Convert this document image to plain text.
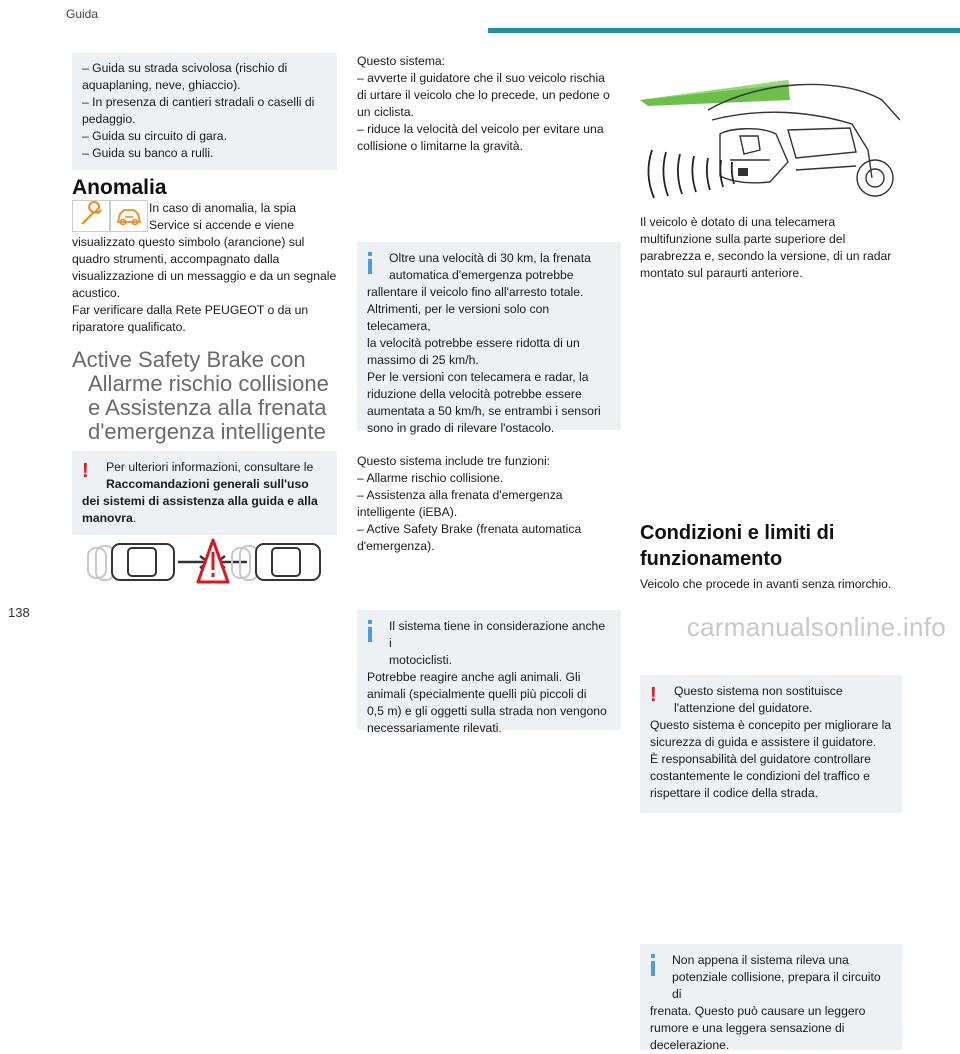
Guida
– Guida su strada scivolosa (rischio di
aquaplaning, neve, ghiaccio).
– In presenza di cantieri stradali o caselli di
pedaggio.
– Guida su circuito di gara.
– Guida su banco a rulli.
Anomalia
In caso di anomalia, la spia
Service si accende e viene
visualizzato questo simbolo (arancione) sul
quadro strumenti, accompagnato dalla
visualizzazione di un messaggio e da un segnale
acustico.
Far verificare dalla Rete PEUGEOT o da un
riparatore qualificato.
Active Safety Brake con
Allarme rischio collisione
e Assistenza alla frenata
d'emergenza intelligente
!	Per ulteriori informazioni, consultare le
Raccomandazioni generali sull'uso
dei sistemi di assistenza alla guida e alla
manovra.
Questo sistema:
– avverte il guidatore che il suo veicolo rischia
di urtare il veicolo che lo precede, un pedone o
un ciclista.
– riduce la velocità del veicolo per evitare una
collisione o limitarne la gravità.
Oltre una velocità di 30 km, la frenata
automatica d'emergenza potrebbe
rallentare il veicolo fino all'arresto totale.
Altrimenti, per le versioni solo con telecamera,
la velocità potrebbe essere ridotta di un
massimo di 25 km/h.
Per le versioni con telecamera e radar, la
riduzione della velocità potrebbe essere
aumentata a 50 km/h, se entrambi i sensori
sono in grado di rilevare l'ostacolo.
Il sistema tiene in considerazione anche i
motociclisti.
Potrebbe reagire anche agli animali. Gli
animali (specialmente quelli più piccoli di
0,5 m) e gli oggetti sulla strada non vengono
necessariamente rilevati.
Questo sistema include tre funzioni:
– Allarme rischio collisione.
– Assistenza alla frenata d'emergenza
intelligente (iEBA).
– Active Safety Brake (frenata automatica
d'emergenza).
Il veicolo è dotato di una telecamera
multifunzione sulla parte superiore del
parabrezza e, secondo la versione, di un radar
montato sul paraurti anteriore.
!	Questo sistema non sostituisce
l'attenzione del guidatore.
Questo sistema è concepito per migliorare la
sicurezza di guida e assistere il guidatore.
È responsabilità del guidatore controllare
costantemente le condizioni del traffico e
rispettare il codice della strada.
Non appena il sistema rileva una
potenziale collisione, prepara il circuito di
frenata. Questo può causare un leggero
rumore e una leggera sensazione di
decelerazione.
Condizioni e limiti di
funzionamento
Veicolo che procede in avanti senza rimorchio.
138	carmanualsonline.info
